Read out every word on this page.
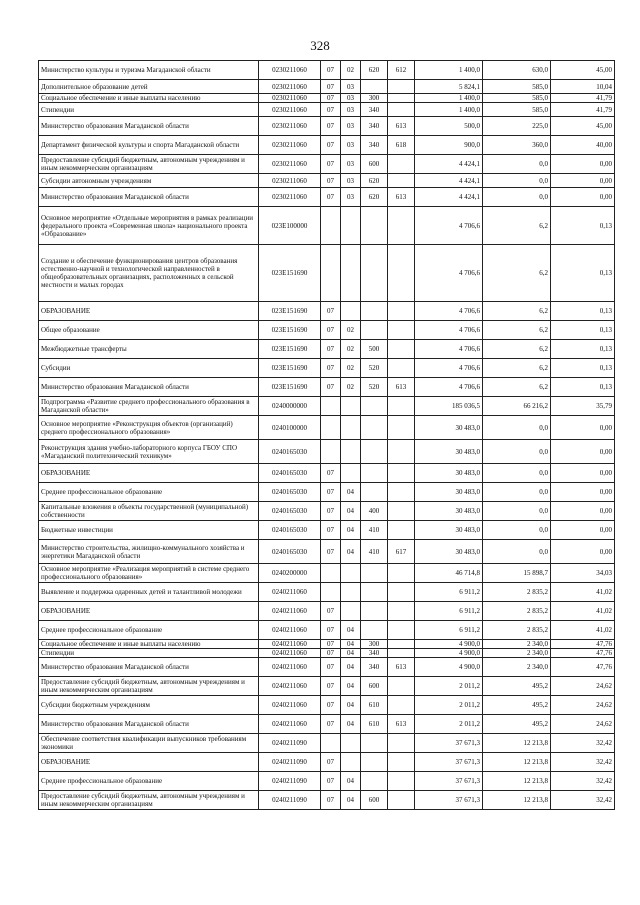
328
Министерство культуры и туризма Магаданской области	0230211060	07	02	620	612	1 400,0	630,0	45,00
Дополнительное образование детей	0230211060	07	03			5 824,1	585,0	10,04
Социальное обеспечение и иные выплаты населению	0230211060	07	03	300		1 400,0	585,0	41,79
Стипендии	0230211060	07	03	340		1 400,0	585,0	41,79
Министерство образования Магаданской области	0230211060	07	03	340	613	500,0	225,0	45,00
Департамент физической культуры и спорта Магаданской области	0230211060	07	03	340	618	900,0	360,0	40,00
Предоставление субсидий бюджетным, автономным учреждениям и иным некоммерческим организациям	0230211060	07	03	600		4 424,1	0,0	0,00
Субсидии автономным учреждениям	0230211060	07	03	620		4 424,1	0,0	0,00
Министерство образования Магаданской области	0230211060	07	03	620	613	4 424,1	0,0	0,00
Основное мероприятие «Отдельные мероприятия в рамках реализации федерального проекта «Современная школа» национального проекта «Образование»	023E100000					4 706,6	6,2	0,13
Создание и обеспечение функционирования центров образования естественно-научной и технологической направленностей в общеобразовательных организациях, расположенных в сельской местности и малых городах	023E151690					4 706,6	6,2	0,13
ОБРАЗОВАНИЕ	023E151690	07				4 706,6	6,2	0,13
Общее образование	023E151690	07	02			4 706,6	6,2	0,13
Межбюджетные трансферты	023E151690	07	02	500		4 706,6	6,2	0,13
Субсидии	023E151690	07	02	520		4 706,6	6,2	0,13
Министерство образования Магаданской области	023E151690	07	02	520	613	4 706,6	6,2	0,13
Подпрограмма «Развитие среднего профессионального образования в Магаданской области»	0240000000					185 036,5	66 216,2	35,79
Основное мероприятие «Реконструкция объектов (организаций) среднего профессионального образования»	0240100000					30 483,0	0,0	0,00
Реконструкция здания учебно-лабораторного корпуса ГБОУ СПО «Магаданский политехнический техникум»	0240165030					30 483,0	0,0	0,00
ОБРАЗОВАНИЕ	0240165030	07				30 483,0	0,0	0,00
Среднее профессиональное образование	0240165030	07	04			30 483,0	0,0	0,00
Капитальные вложения в объекты государственной (муниципальной) собственности	0240165030	07	04	400		30 483,0	0,0	0,00
Бюджетные инвестиции	0240165030	07	04	410		30 483,0	0,0	0,00
Министерство строительства, жилищно-коммунального хозяйства и энергетики Магаданской области	0240165030	07	04	410	617	30 483,0	0,0	0,00
Основное мероприятие «Реализация мероприятий в системе среднего профессионального образования»	0240200000					46 714,8	15 898,7	34,03
Выявление и поддержка одаренных детей и талантливой молодежи	0240211060					6 911,2	2 835,2	41,02
ОБРАЗОВАНИЕ	0240211060	07				6 911,2	2 835,2	41,02
Среднее профессиональное образование	0240211060	07	04			6 911,2	2 835,2	41,02
Социальное обеспечение и иные выплаты населению	0240211060	07	04	300		4 900,0	2 340,0	47,76
Стипендии	0240211060	07	04	340		4 900,0	2 340,0	47,76
Министерство образования Магаданской области	0240211060	07	04	340	613	4 900,0	2 340,0	47,76
Предоставление субсидий бюджетным, автономным учреждениям и иным некоммерческим организациям	0240211060	07	04	600		2 011,2	495,2	24,62
Субсидии бюджетным учреждениям	0240211060	07	04	610		2 011,2	495,2	24,62
Министерство образования Магаданской области	0240211060	07	04	610	613	2 011,2	495,2	24,62
Обеспечение соответствия квалификации выпускников требованиям экономики	0240211090					37 671,3	12 213,8	32,42
ОБРАЗОВАНИЕ	0240211090	07				37 671,3	12 213,8	32,42
Среднее профессиональное образование	0240211090	07	04			37 671,3	12 213,8	32,42
Предоставление субсидий бюджетным, автономным учреждениям и иным некоммерческим организациям	0240211090	07	04	600		37 671,3	12 213,8	32,42
